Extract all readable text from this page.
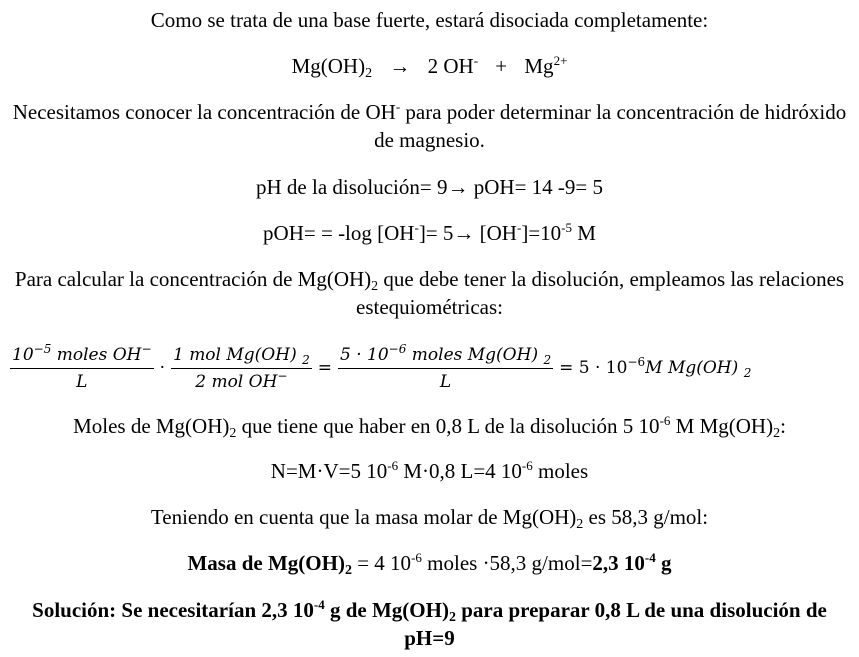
Como se trata de una base fuerte, estará disociada completamente:
$Mg(OH)_2 \to 2$ $OH^- + Mg^{2+}$
Necesitamos conocer la concentración de OH- para poder determinar la concentración de hidróxido de magnesio.
pH de la disolución= 9→ pOH= 14 -9= 5
pOH= = -log $[OH^-]= 5\to [OH^-]=10^{-5}$ M
Para calcular la concentración de $Mg(OH)_2$ que debe tener la disolución, empleamos las relaciones estequiométricas:
$\frac{10^{-5} moles OH^-}{L} \cdot \frac{1 mol Mg(OH) _2}{2 mol OH^-} = \frac{5 \cdot 10^{-6} moles Mg(OH) _2}{L} = 5 \cdot 10^{-6}$ M Mg(OH) $_2$
Moles de $Mg(OH)_2$ que tiene que haber en 0,8 L de la disolución 5 $10^{-6}$ M $Mg(OH)_2$:
N=M·V=5 $10^{-6}$ M·0,8 L=4 $10^{-6}$ moles
Teniendo en cuenta que la masa molar de $Mg(OH)_2$ es 58,3 g/mol:
Masa de $Mg(OH)_2 = 4$ $10^{-6}$ moles ·58,3 g/mol=2,3 $10^{-4}$ g
Solución: Se necesitarían 2,3 $10^{-4}$ g de $Mg(OH)_2$ para preparar 0,8 L de una disolución de pH=9
